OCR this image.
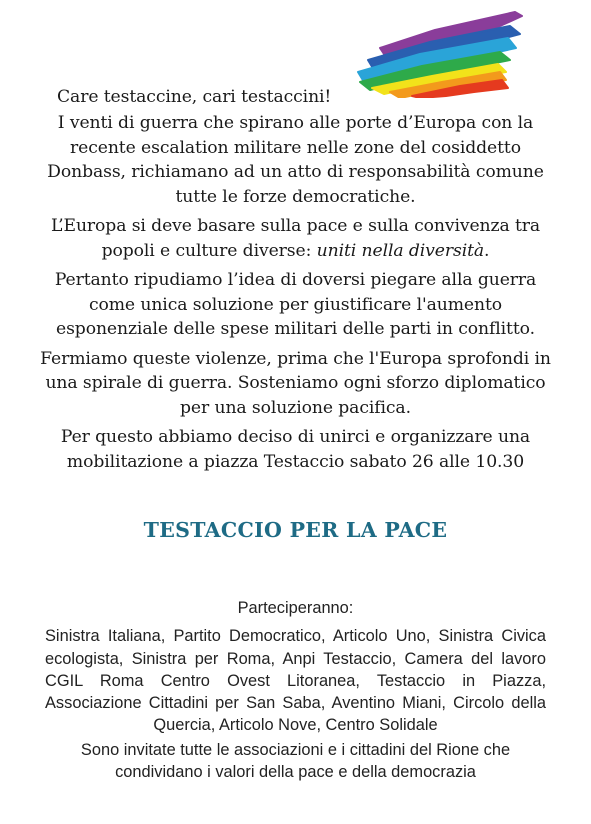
Care testaccine, cari testaccini!

I venti di guerra che spirano alle porte d’Europa con la recente escalation militare nelle zone del cosiddetto Donbass, richiamano ad un atto di responsabilità comune tutte le forze democratiche.

L’Europa si deve basare sulla pace e sulla convivenza tra popoli e culture diverse: uniti nella diversità.

Pertanto ripudiamo l’idea di doversi piegare alla guerra come unica soluzione per giustificare l'aumento esponenziale delle spese militari delle parti in conflitto.

Fermiamo queste violenze, prima che l'Europa sprofondi in una spirale di guerra. Sosteniamo ogni sforzo diplomatico per una soluzione pacifica.

Per questo abbiamo deciso di unirci e organizzare una mobilitazione a piazza Testaccio sabato 26 alle 10.30

TESTACCIO PER LA PACE

Parteciperanno:

Sinistra Italiana, Partito Democratico, Articolo Uno, Sinistra Civica ecologista, Sinistra per Roma, Anpi Testaccio, Camera del lavoro CGIL Roma Centro Ovest Litoranea, Testaccio in Piazza, Associazione Cittadini per San Saba, Aventino Miani, Circolo della Quercia, Articolo Nove, Centro Solidale

Sono invitate tutte le associazioni e i cittadini del Rione che condividano i valori della pace e della democrazia
